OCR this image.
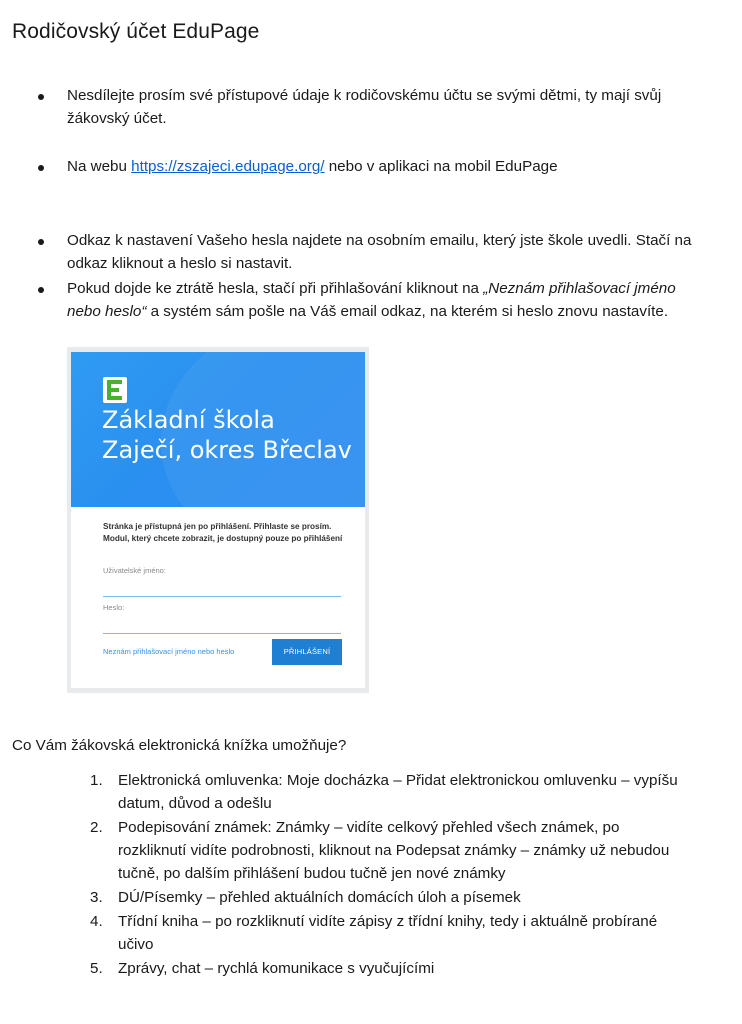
Rodičovský účet EduPage
Nesdílejte prosím své přístupové údaje k rodičovskému účtu se svými dětmi, ty mají svůj žákovský účet.
Na webu https://zszajeci.edupage.org/ nebo v aplikaci na mobil EduPage
Odkaz k nastavení Vašeho hesla najdete na osobním emailu, který jste škole uvedli. Stačí na odkaz kliknout a heslo si nastavit.
Pokud dojde ke ztrátě hesla, stačí při přihlašování kliknout na „Neznám přihlašovací jméno nebo heslo“ a systém sám pošle na Váš email odkaz, na kterém si heslo znovu nastavíte.
Základní škola Zaječí, okres Břeclav
Stránka je přístupná jen po přihlášení. Přihlaste se prosím. Modul, který chcete zobrazit, je dostupný pouze po přihlášení
Uživatelské jméno:
Heslo:
Neznám přihlašovací jméno nebo heslo	PŘIHLÁŠENÍ
Co Vám žákovská elektronická knížka umožňuje?
1.	Elektronická omluvenka: Moje docházka – Přidat elektronickou omluvenku – vypíšu datum, důvod a odešlu
2.	Podepisování známek: Známky – vidíte celkový přehled všech známek, po rozkliknutí vidíte podrobnosti, kliknout na Podepsat známky – známky už nebudou tučně, po dalším přihlášení budou tučně jen nové známky
3.	DÚ/Písemky – přehled aktuálních domácích úloh a písemek
4.	Třídní kniha – po rozkliknutí vidíte zápisy z třídní knihy, tedy i aktuálně probírané učivo
5.	Zprávy, chat – rychlá komunikace s vyučujícími
